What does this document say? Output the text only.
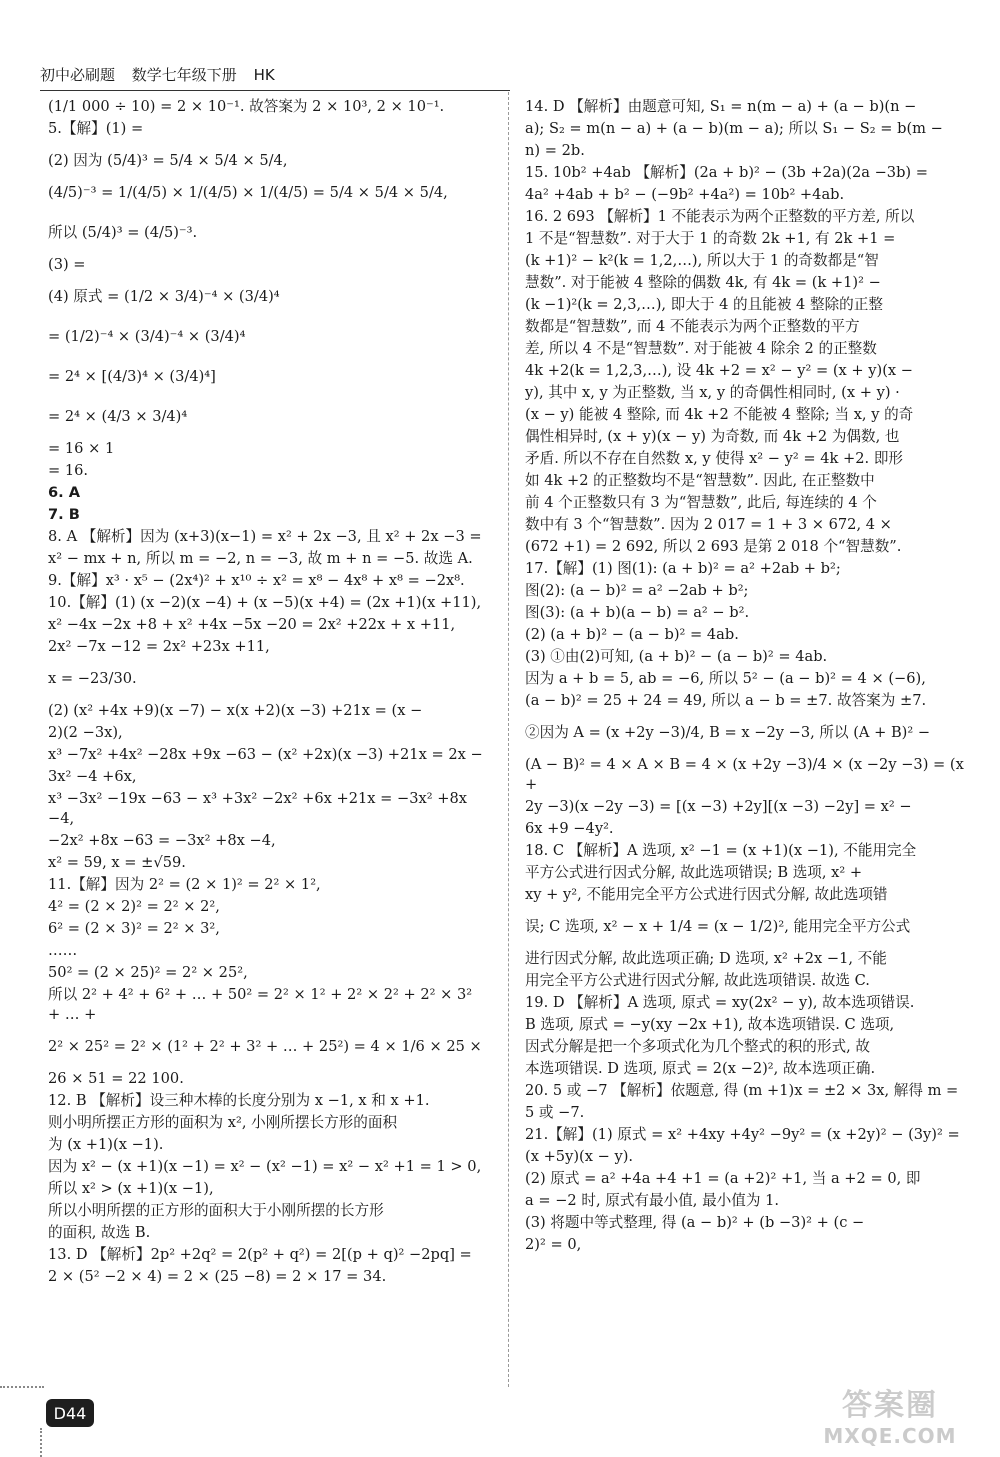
初中必刷题 数学七年级下册 HK

(1/1 000 ÷ 10) = 2 × 10⁻¹. 故答案为 2 × 10³, 2 × 10⁻¹.

5.【解】(1) =

(2) 因为 (5/4)³ = 5/4 × 5/4 × 5/4,

(4/5)⁻³ = 1/(4/5) × 1/(4/5) × 1/(4/5) = 5/4 × 5/4 × 5/4,

所以 (5/4)³ = (4/5)⁻³.

(3) =

(4) 原式 = (1/2 × 3/4)⁻⁴ × (3/4)⁴

= (1/2)⁻⁴ × (3/4)⁻⁴ × (3/4)⁴

= 2⁴ × [(4/3)⁴ × (3/4)⁴]

= 2⁴ × (4/3 × 3/4)⁴

= 16 × 1

= 16.

6. A

7. B

8. A 【解析】因为 (x+3)(x−1) = x² + 2x −3, 且 x² + 2x −3 =

x² − mx + n, 所以 m = −2, n = −3, 故 m + n = −5. 故选 A.

9.【解】x³ · x⁵ − (2x⁴)² + x¹⁰ ÷ x² = x⁸ − 4x⁸ + x⁸ = −2x⁸.

10.【解】(1) (x −2)(x −4) + (x −5)(x +4) = (2x +1)(x +11),

x² −4x −2x +8 + x² +4x −5x −20 = 2x² +22x + x +11,

2x² −7x −12 = 2x² +23x +11,

x = −23/30.

(2) (x² +4x +9)(x −7) − x(x +2)(x −3) +21x = (x −

2)(2 −3x),

x³ −7x² +4x² −28x +9x −63 − (x² +2x)(x −3) +21x = 2x −

3x² −4 +6x,

x³ −3x² −19x −63 − x³ +3x² −2x² +6x +21x = −3x² +8x −4,

−2x² +8x −63 = −3x² +8x −4,

x² = 59, x = ±√59.

11.【解】因为 2² = (2 × 1)² = 2² × 1²,

4² = (2 × 2)² = 2² × 2²,

6² = (2 × 3)² = 2² × 3²,

……

50² = (2 × 25)² = 2² × 25²,

所以 2² + 4² + 6² + … + 50² = 2² × 1² + 2² × 2² + 2² × 3² + … +

2² × 25² = 2² × (1² + 2² + 3² + … + 25²) = 4 × 1/6 × 25 ×

26 × 51 = 22 100.

12. B 【解析】设三种木棒的长度分别为 x −1, x 和 x +1.

则小明所摆正方形的面积为 x², 小刚所摆长方形的面积

为 (x +1)(x −1).

因为 x² − (x +1)(x −1) = x² − (x² −1) = x² − x² +1 = 1 > 0,

所以 x² > (x +1)(x −1),

所以小明所摆的正方形的面积大于小刚所摆的长方形

的面积, 故选 B.

13. D 【解析】2p² +2q² = 2(p² + q²) = 2[(p + q)² −2pq] =

2 × (5² −2 × 4) = 2 × (25 −8) = 2 × 17 = 34.

14. D 【解析】由题意可知, S₁ = n(m − a) + (a − b)(n −

a); S₂ = m(n − a) + (a − b)(m − a); 所以 S₁ − S₂ = b(m −

n) = 2b.

15. 10b² +4ab 【解析】(2a + b)² − (3b +2a)(2a −3b) =

4a² +4ab + b² − (−9b² +4a²) = 10b² +4ab.

16. 2 693 【解析】1 不能表示为两个正整数的平方差, 所以

1 不是“智慧数”. 对于大于 1 的奇数 2k +1, 有 2k +1 =

(k +1)² − k²(k = 1,2,…), 所以大于 1 的奇数都是“智

慧数”. 对于能被 4 整除的偶数 4k, 有 4k = (k +1)² −

(k −1)²(k = 2,3,…), 即大于 4 的且能被 4 整除的正整

数都是“智慧数”, 而 4 不能表示为两个正整数的平方

差, 所以 4 不是“智慧数”. 对于能被 4 除余 2 的正整数

4k +2(k = 1,2,3,…), 设 4k +2 = x² − y² = (x + y)(x −

y), 其中 x, y 为正整数, 当 x, y 的奇偶性相同时, (x + y) ·

(x − y) 能被 4 整除, 而 4k +2 不能被 4 整除; 当 x, y 的奇

偶性相异时, (x + y)(x − y) 为奇数, 而 4k +2 为偶数, 也

矛盾. 所以不存在自然数 x, y 使得 x² − y² = 4k +2. 即形

如 4k +2 的正整数均不是“智慧数”. 因此, 在正整数中

前 4 个正整数只有 3 为“智慧数”, 此后, 每连续的 4 个

数中有 3 个“智慧数”. 因为 2 017 = 1 + 3 × 672, 4 ×

(672 +1) = 2 692, 所以 2 693 是第 2 018 个“智慧数”.

17.【解】(1) 图(1): (a + b)² = a² +2ab + b²;

图(2): (a − b)² = a² −2ab + b²;

图(3): (a + b)(a − b) = a² − b².

(2) (a + b)² − (a − b)² = 4ab.

(3) ①由(2)可知, (a + b)² − (a − b)² = 4ab.

因为 a + b = 5, ab = −6, 所以 5² − (a − b)² = 4 × (−6),

(a − b)² = 25 + 24 = 49, 所以 a − b = ±7. 故答案为 ±7.

②因为 A = (x +2y −3)/4, B = x −2y −3, 所以 (A + B)² −

(A − B)² = 4 × A × B = 4 × (x +2y −3)/4 × (x −2y −3) = (x +

2y −3)(x −2y −3) = [(x −3) +2y][(x −3) −2y] = x² −

6x +9 −4y².

18. C 【解析】A 选项, x² −1 = (x +1)(x −1), 不能用完全

平方公式进行因式分解, 故此选项错误; B 选项, x² +

xy + y², 不能用完全平方公式进行因式分解, 故此选项错

误; C 选项, x² − x + 1/4 = (x − 1/2)², 能用完全平方公式

进行因式分解, 故此选项正确; D 选项, x² +2x −1, 不能

用完全平方公式进行因式分解, 故此选项错误. 故选 C.

19. D 【解析】A 选项, 原式 = xy(2x² − y), 故本选项错误.

B 选项, 原式 = −y(xy −2x +1), 故本选项错误. C 选项,

因式分解是把一个多项式化为几个整式的积的形式, 故

本选项错误. D 选项, 原式 = 2(x −2)², 故本选项正确.

20. 5 或 −7 【解析】依题意, 得 (m +1)x = ±2 × 3x, 解得 m =

5 或 −7.

21.【解】(1) 原式 = x² +4xy +4y² −9y² = (x +2y)² − (3y)² =

(x +5y)(x − y).

(2) 原式 = a² +4a +4 +1 = (a +2)² +1, 当 a +2 = 0, 即

a = −2 时, 原式有最小值, 最小值为 1.

(3) 将题中等式整理, 得 (a − b)² + (b −3)² + (c −

2)² = 0,

D44	答案圈
MXQE.COM
